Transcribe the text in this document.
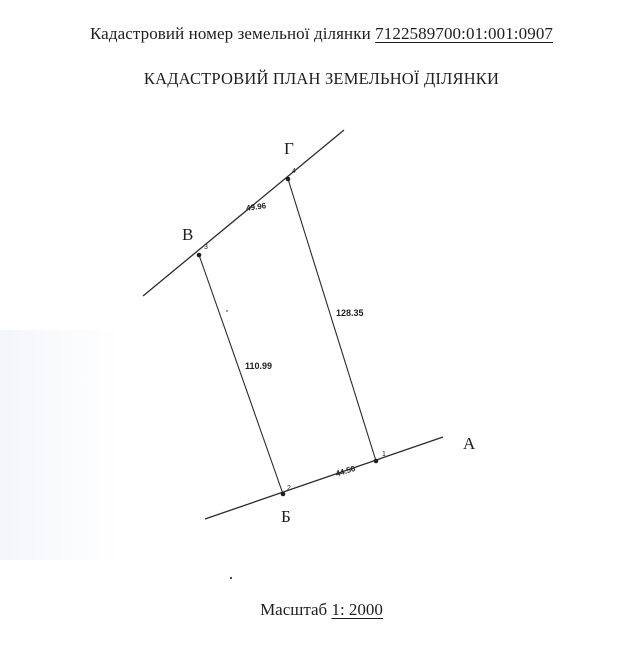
Кадастровий номер земельної ділянки 7122589700:01:001:0907
КАДАСТРОВИЙ ПЛАН ЗЕМЕЛЬНОЇ ДІЛЯНКИ
А
Б
В
Г
1
2
3
4
44.56
110.99
49.96
128.35
Масштаб 1: 2000
